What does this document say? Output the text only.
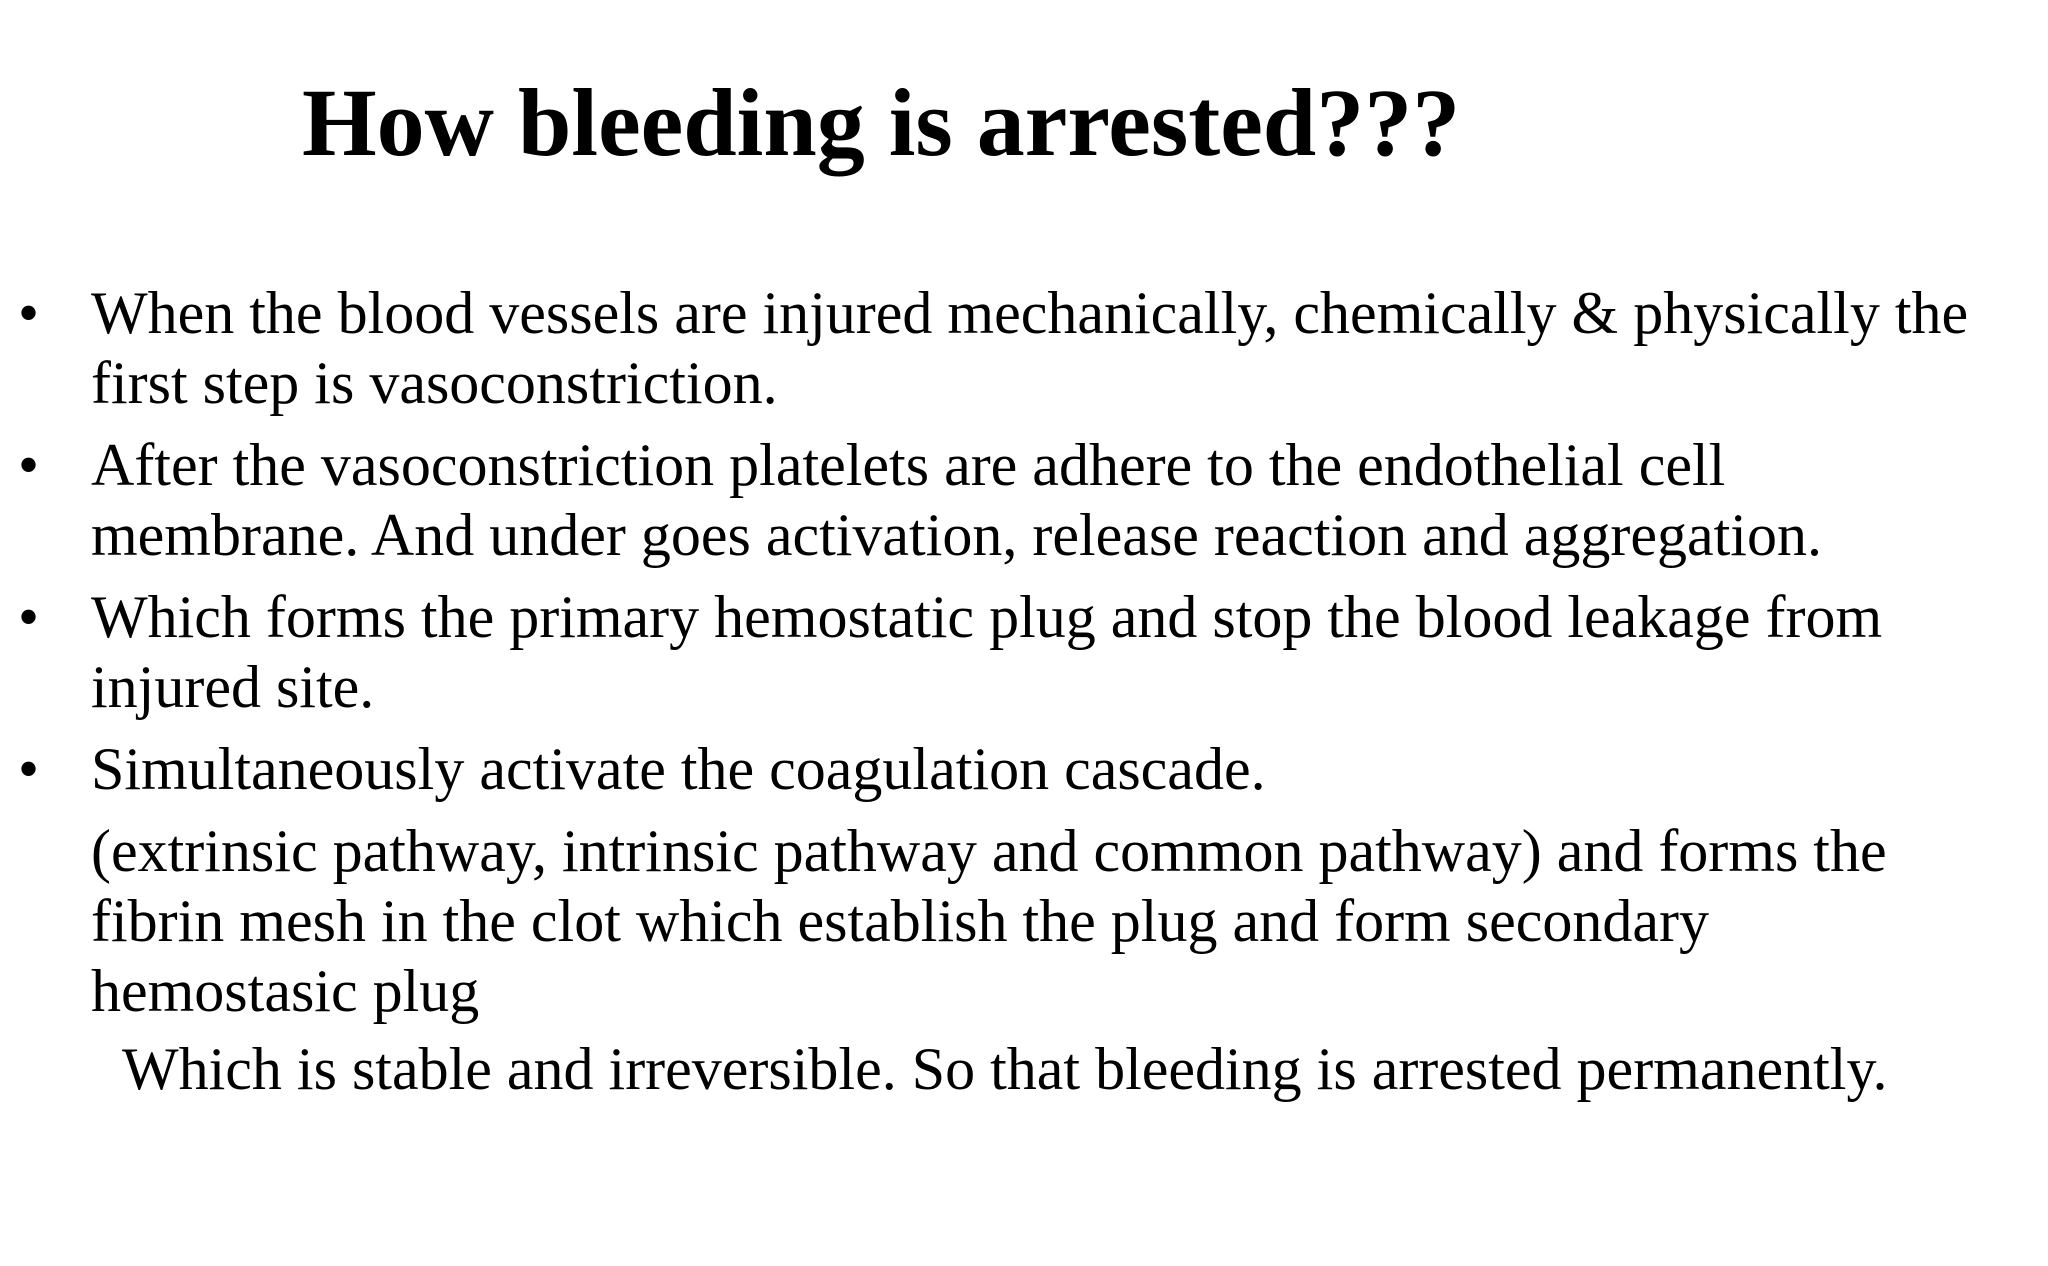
How bleeding is arrested???
• When the blood vessels are injured mechanically, chemically & physically the
first step is vasoconstriction.
• After the vasoconstriction platelets are adhere to the endothelial cell
membrane. And under goes activation, release reaction and aggregation.
• Which forms the primary hemostatic plug and stop the blood leakage from
injured site.
• Simultaneously activate the coagulation cascade.
(extrinsic pathway, intrinsic pathway and common pathway) and forms the
fibrin mesh in the clot which establish the plug and form secondary
hemostasic plug
Which is stable and irreversible. So that bleeding is arrested permanently.
